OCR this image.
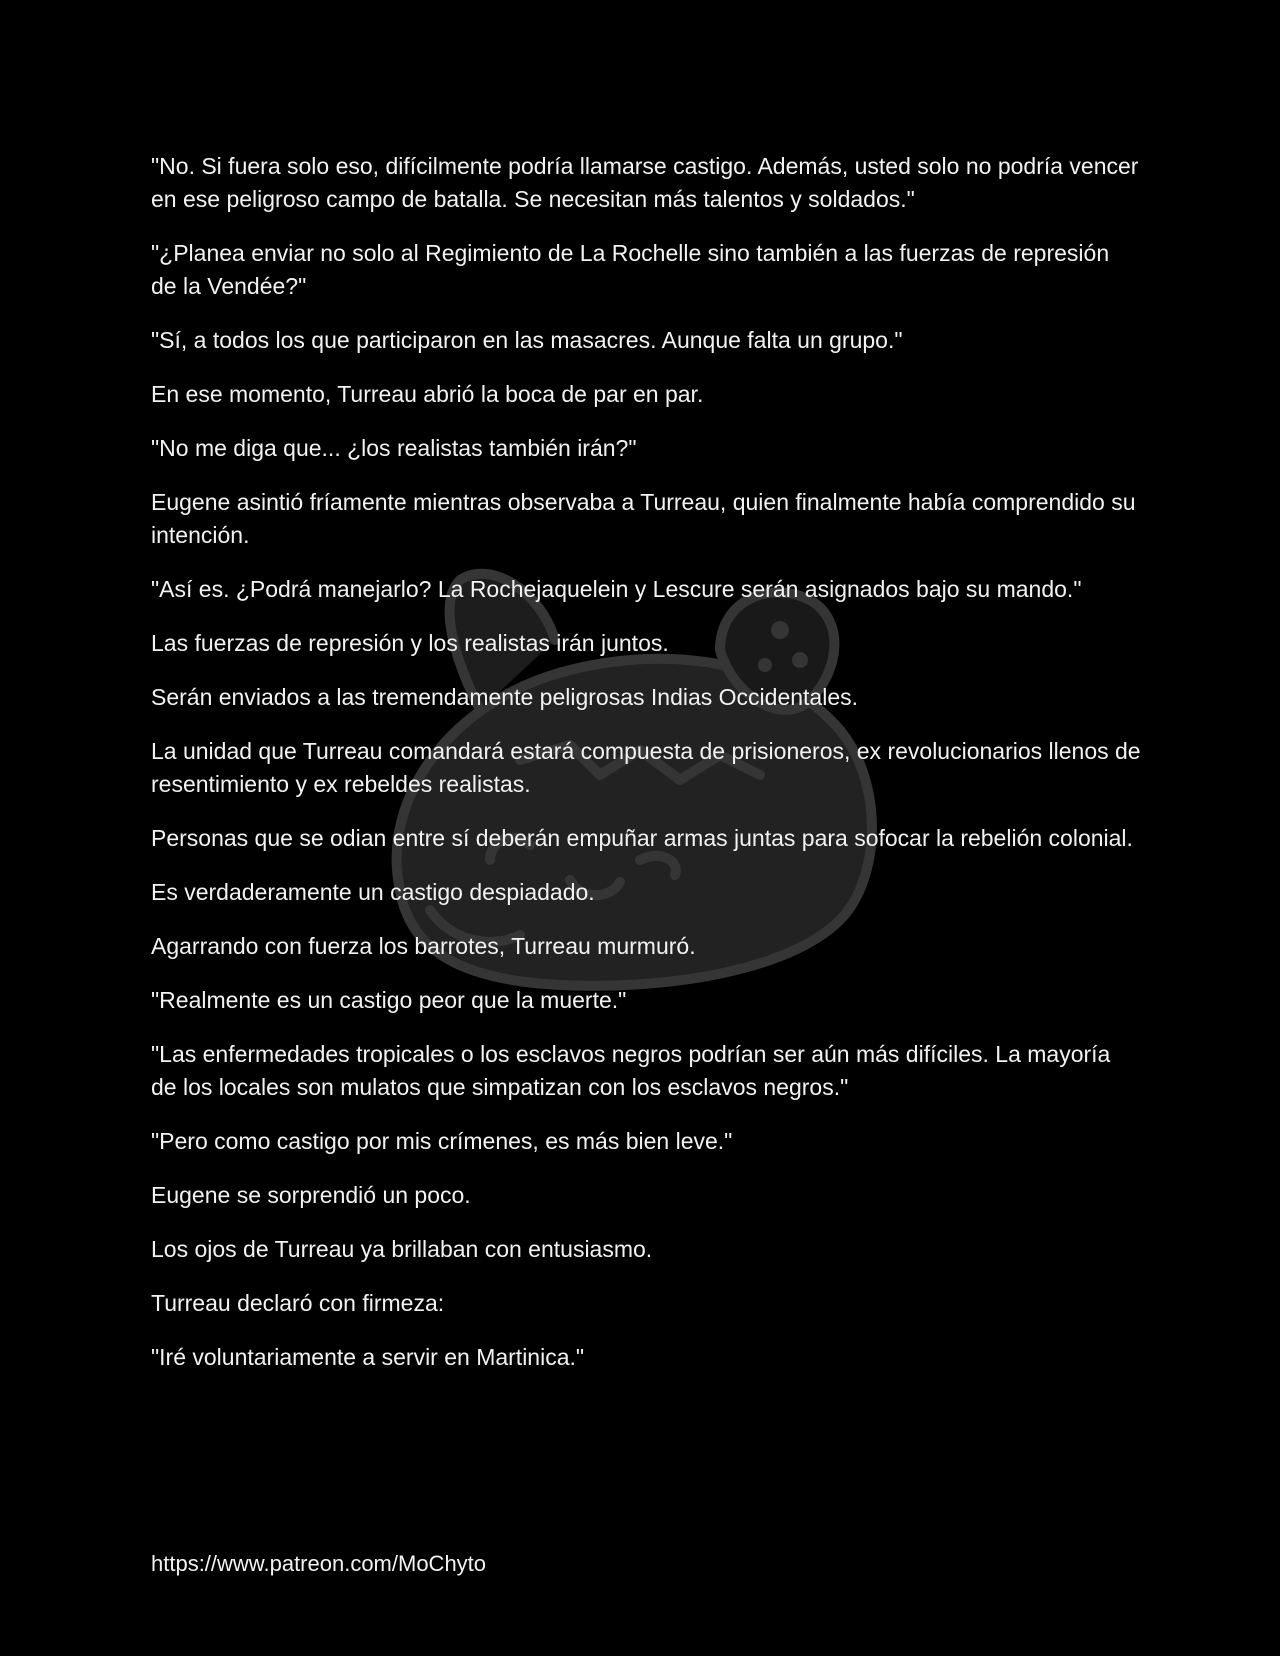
"No. Si fuera solo eso, difícilmente podría llamarse castigo. Además, usted solo no podría vencer en ese peligroso campo de batalla. Se necesitan más talentos y soldados."

"¿Planea enviar no solo al Regimiento de La Rochelle sino también a las fuerzas de represión de la Vendée?"

"Sí, a todos los que participaron en las masacres. Aunque falta un grupo."

En ese momento, Turreau abrió la boca de par en par.

"No me diga que... ¿los realistas también irán?"

Eugene asintió fríamente mientras observaba a Turreau, quien finalmente había comprendido su intención.

"Así es. ¿Podrá manejarlo? La Rochejaquelein y Lescure serán asignados bajo su mando."

Las fuerzas de represión y los realistas irán juntos.

Serán enviados a las tremendamente peligrosas Indias Occidentales.

La unidad que Turreau comandará estará compuesta de prisioneros, ex revolucionarios llenos de resentimiento y ex rebeldes realistas.

Personas que se odian entre sí deberán empuñar armas juntas para sofocar la rebelión colonial.

Es verdaderamente un castigo despiadado.

Agarrando con fuerza los barrotes, Turreau murmuró.

"Realmente es un castigo peor que la muerte."

"Las enfermedades tropicales o los esclavos negros podrían ser aún más difíciles. La mayoría de los locales son mulatos que simpatizan con los esclavos negros."

"Pero como castigo por mis crímenes, es más bien leve."

Eugene se sorprendió un poco.

Los ojos de Turreau ya brillaban con entusiasmo.

Turreau declaró con firmeza:

"Iré voluntariamente a servir en Martinica."

https://www.patreon.com/MoChyto
